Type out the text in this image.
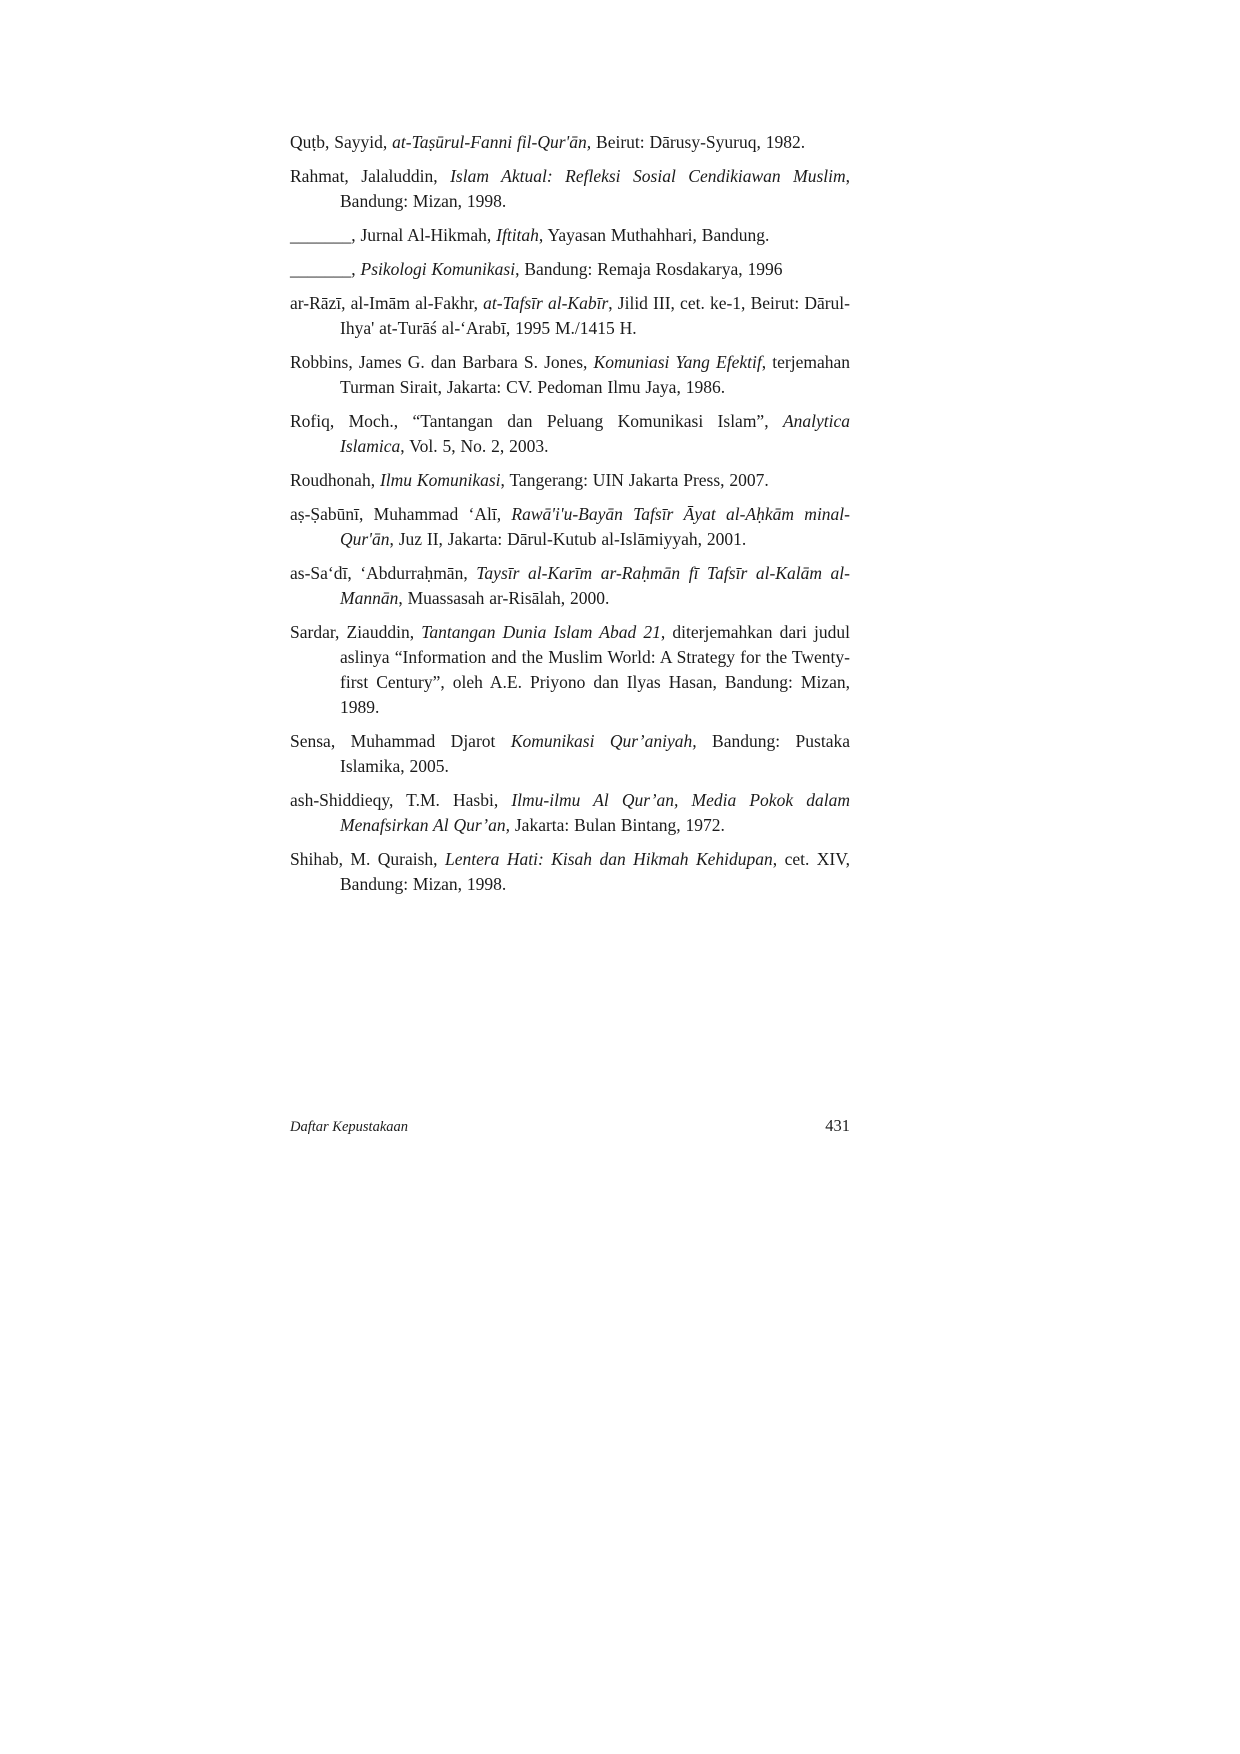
Quṭb, Sayyid, at-Taṣūrul-Fanni fil-Qur'ān, Beirut: Dārusy-Syuruq, 1982.

Rahmat, Jalaluddin, Islam Aktual: Refleksi Sosial Cendikiawan Muslim, Bandung: Mizan, 1998.

_______, Jurnal Al-Hikmah, Iftitah, Yayasan Muthahhari, Bandung.

_______, Psikologi Komunikasi, Bandung: Remaja Rosdakarya, 1996

ar-Rāzī, al-Imām al-Fakhr, at-Tafsīr al-Kabīr, Jilid III, cet. ke-1, Beirut: Dārul-Ihya' at-Turāś al-‘Arabī, 1995 M./1415 H.

Robbins, James G. dan Barbara S. Jones, Komuniasi Yang Efektif, terjemahan Turman Sirait, Jakarta: CV. Pedoman Ilmu Jaya, 1986.

Rofiq, Moch., “Tantangan dan Peluang Komunikasi Islam”, Analytica Islamica, Vol. 5, No. 2, 2003.

Roudhonah, Ilmu Komunikasi, Tangerang: UIN Jakarta Press, 2007.

aṣ-Ṣabūnī, Muhammad ‘Alī, Rawā'i'u-Bayān Tafsīr Āyat al-Aḥkām minal-Qur'ān, Juz II, Jakarta: Dārul-Kutub al-Islāmiyyah, 2001.

as-Sa‘dī, ‘Abdurraḥmān, Taysīr al-Karīm ar-Raḥmān fī Tafsīr al-Kalām al-Mannān, Muassasah ar-Risālah, 2000.

Sardar, Ziauddin, Tantangan Dunia Islam Abad 21, diterjemahkan dari judul aslinya “Information and the Muslim World: A Strategy for the Twenty-first Century”, oleh A.E. Priyono dan Ilyas Hasan, Bandung: Mizan, 1989.

Sensa, Muhammad Djarot Komunikasi Qur’aniyah, Bandung: Pustaka Islamika, 2005.

ash-Shiddieqy, T.M. Hasbi, Ilmu-ilmu Al Qur’an, Media Pokok dalam Menafsirkan Al Qur’an, Jakarta: Bulan Bintang, 1972.

Shihab, M. Quraish, Lentera Hati: Kisah dan Hikmah Kehidupan, cet. XIV, Bandung: Mizan, 1998.

Daftar Kepustakaan	431
